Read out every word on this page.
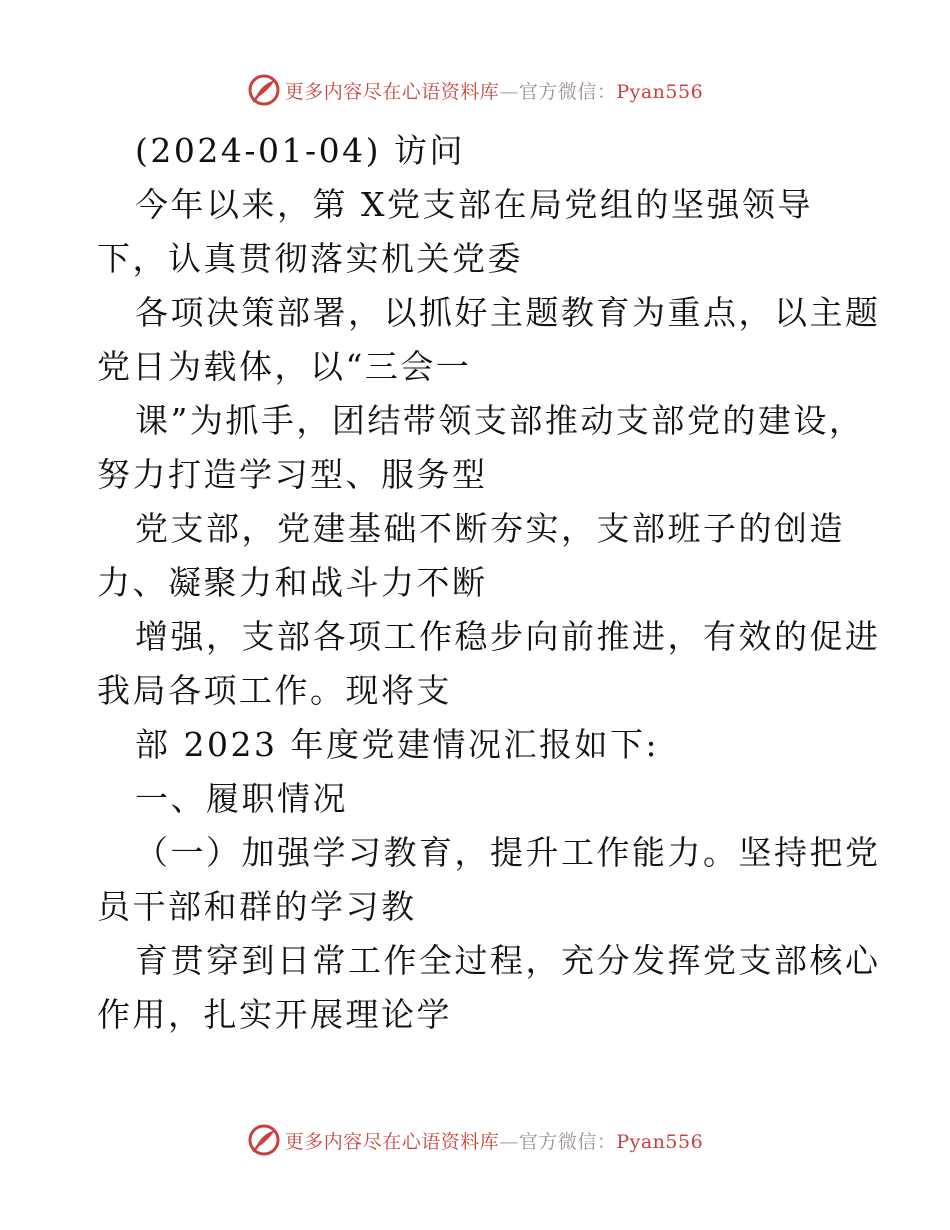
更多内容尽在心语资料库—官方微信：Pyan556
(2024-01-04) 访问
今年以来，第 X党支部在局党组的坚强领导
下，认真贯彻落实机关党委
各项决策部署，以抓好主题教育为重点，以主题
党日为载体，以“三会一
课”为抓手，团结带领支部推动支部党的建设，
努力打造学习型、服务型
党支部，党建基础不断夯实，支部班子的创造
力、凝聚力和战斗力不断
增强，支部各项工作稳步向前推进，有效的促进
我局各项工作。现将支
部 2023 年度党建情况汇报如下:
一、履职情况
（一）加强学习教育，提升工作能力。坚持把党
员干部和群的学习教
育贯穿到日常工作全过程，充分发挥党支部核心
作用，扎实开展理论学
更多内容尽在心语资料库—官方微信：Pyan556
